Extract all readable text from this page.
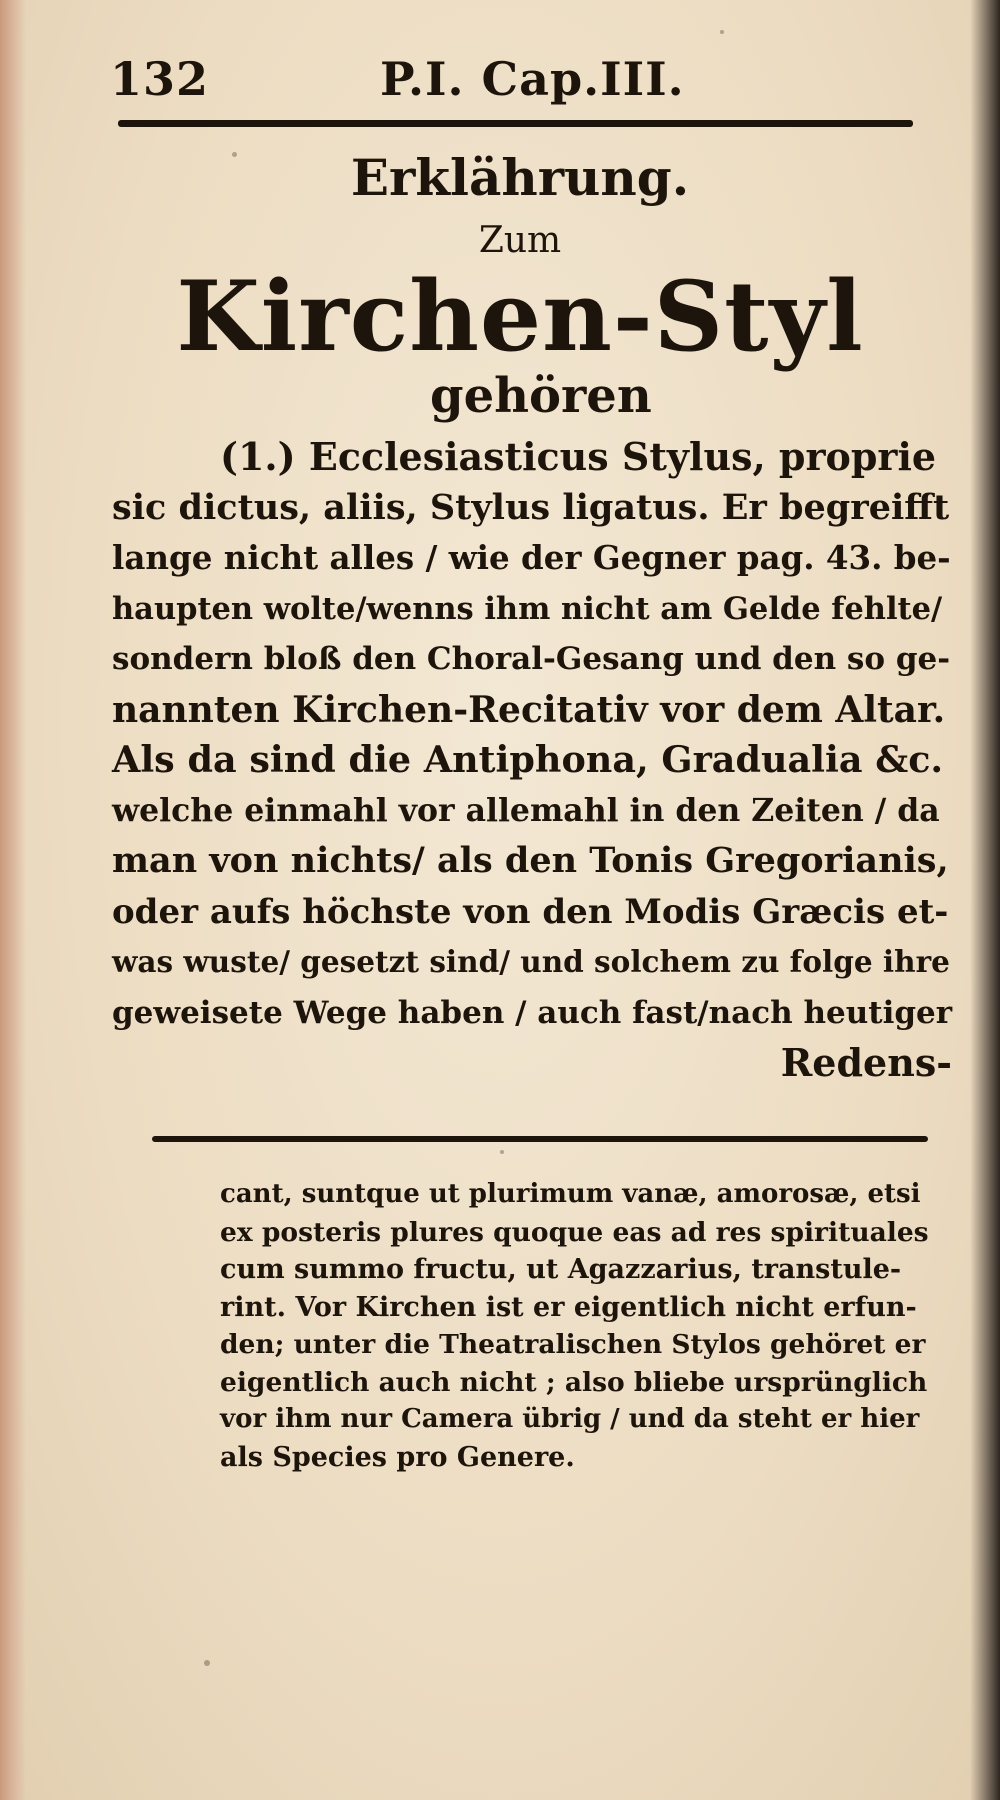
132	P.I. Cap.III.
Erklährung.
Zum
Kirchen-Styl
gehören
(1.) Ecclesiasticus Stylus, proprie
sic dictus, aliis, Stylus ligatus. Er begreifft
lange nicht alles / wie der Gegner pag. 43. be-
haupten wolte/wenns ihm nicht am Gelde fehlte/
sondern bloß den Choral-Gesang und den so ge-
nannten Kirchen-Recitativ vor dem Altar.
Als da sind die Antiphona, Gradualia &c.
welche einmahl vor allemahl in den Zeiten / da
man von nichts/ als den Tonis Gregorianis,
oder aufs höchste von den Modis Græcis et-
was wuste/ gesetzt sind/ und solchem zu folge ihre
geweisete Wege haben / auch fast/nach heutiger
Redens-
cant, suntque ut plurimum vanæ, amorosæ, etsi
ex posteris plures quoque eas ad res spirituales
cum summo fructu, ut Agazzarius, transtule-
rint. Vor Kirchen ist er eigentlich nicht erfun-
den; unter die Theatralischen Stylos gehöret er
eigentlich auch nicht ; also bliebe ursprünglich
vor ihm nur Camera übrig / und da steht er hier
als Species pro Genere.
